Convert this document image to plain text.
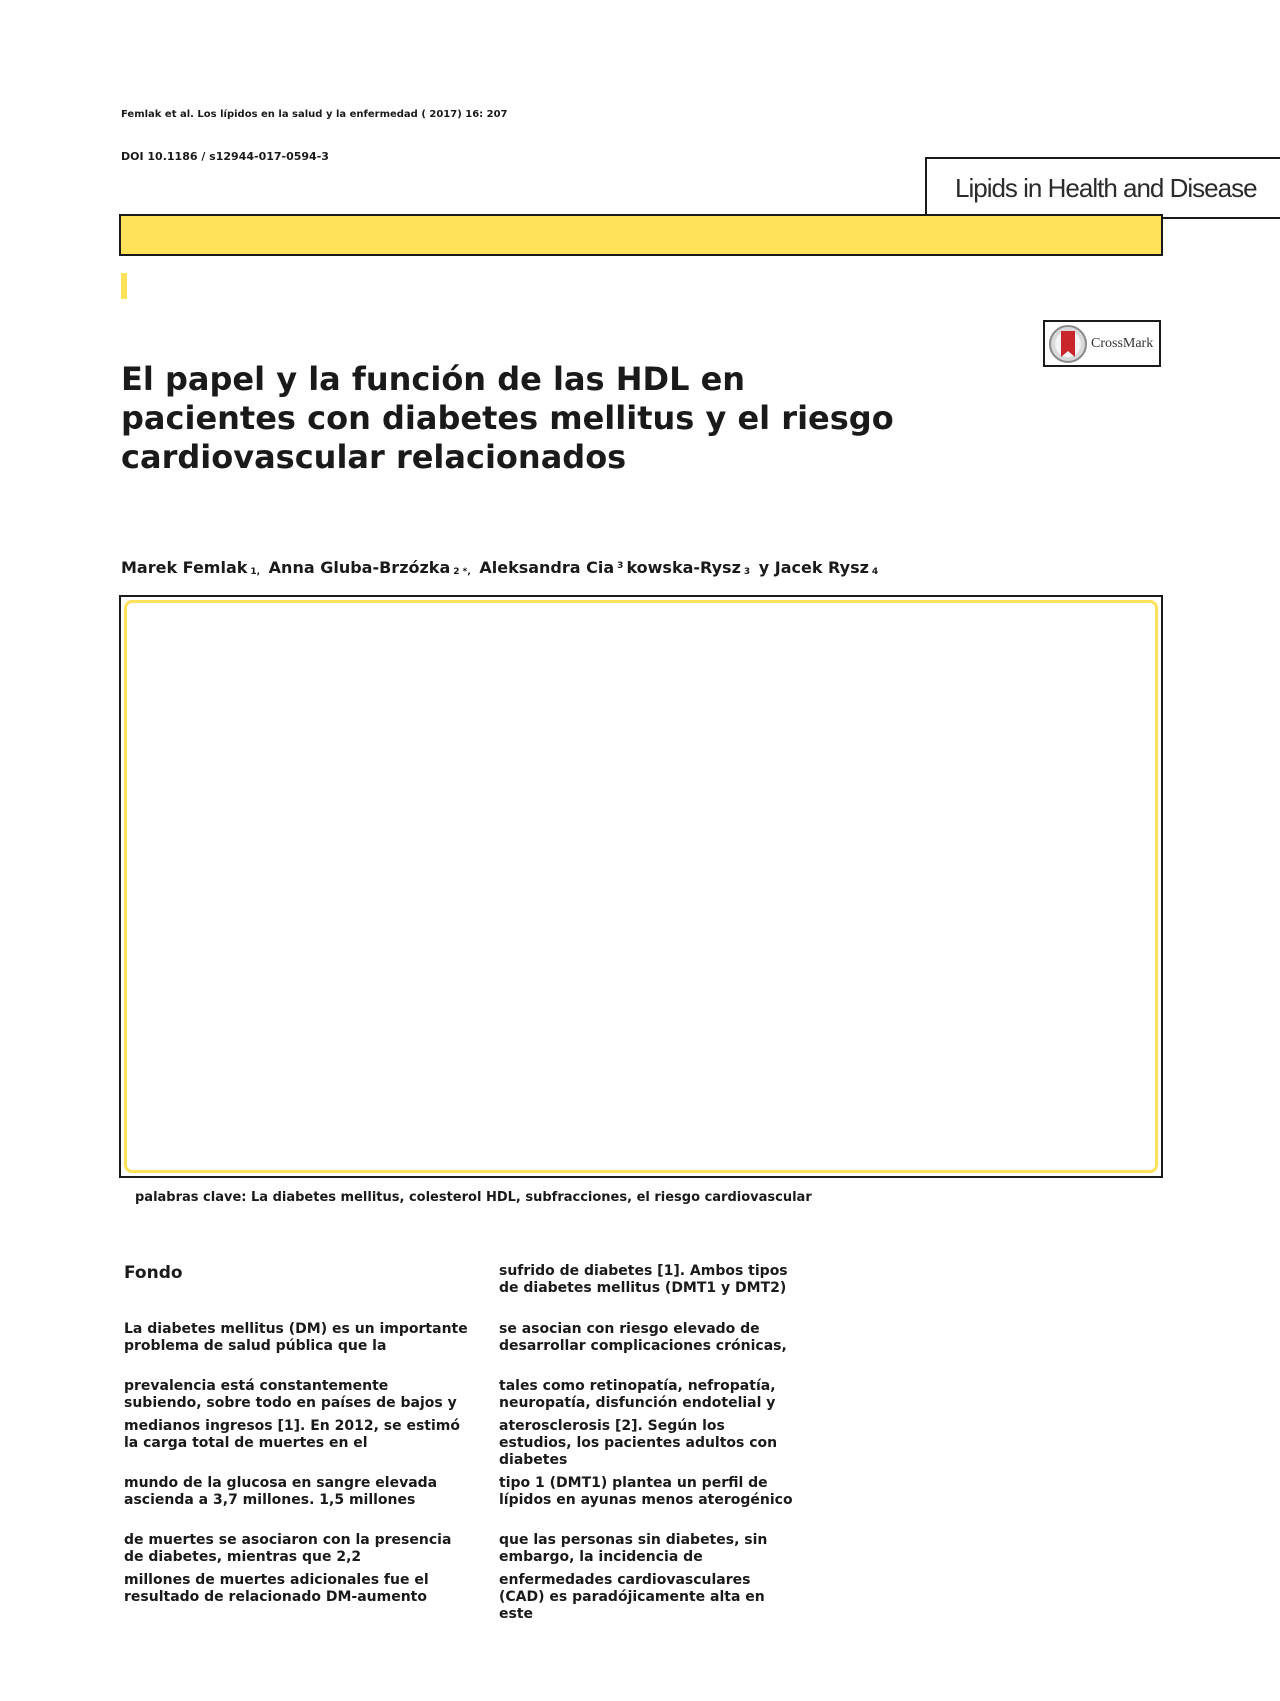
Femlak et al. Los lípidos en la salud y la enfermedad ( 2017) 16: 207
DOI 10.1186 / s12944-017-0594-3
Lipids in Health and Disease
CrossMark
El papel y la función de las HDL en
pacientes con diabetes mellitus y el riesgo
cardiovascular relacionados
Marek Femlak $_{1,}$ Anna Gluba-Brzózka $_{2 *,}$ Aleksandra Cia $^3$ kowska-Rysz $_3$ y Jacek Rysz $_4$
palabras clave: La diabetes mellitus, colesterol HDL, subfracciones, el riesgo cardiovascular
Fondo

La diabetes mellitus (DM) es un importante problema de salud pública que la

prevalencia está constantemente subiendo, sobre todo en países de bajos y

medianos ingresos [1]. En 2012, se estimó la carga total de muertes en el

mundo de la glucosa en sangre elevada ascienda a 3,7 millones. 1,5 millones

de muertes se asociaron con la presencia de diabetes, mientras que 2,2

millones de muertes adicionales fue el resultado de relacionado DM-aumento

sufrido de diabetes [1]. Ambos tipos de diabetes mellitus (DMT1 y DMT2)

se asocian con riesgo elevado de desarrollar complicaciones crónicas,

tales como retinopatía, nefropatía, neuropatía, disfunción endotelial y

aterosclerosis [2]. Según los estudios, los pacientes adultos con diabetes

tipo 1 (DMT1) plantea un perfil de lípidos en ayunas menos aterogénico

que las personas sin diabetes, sin embargo, la incidencia de

enfermedades cardiovasculares (CAD) es paradójicamente alta en este
